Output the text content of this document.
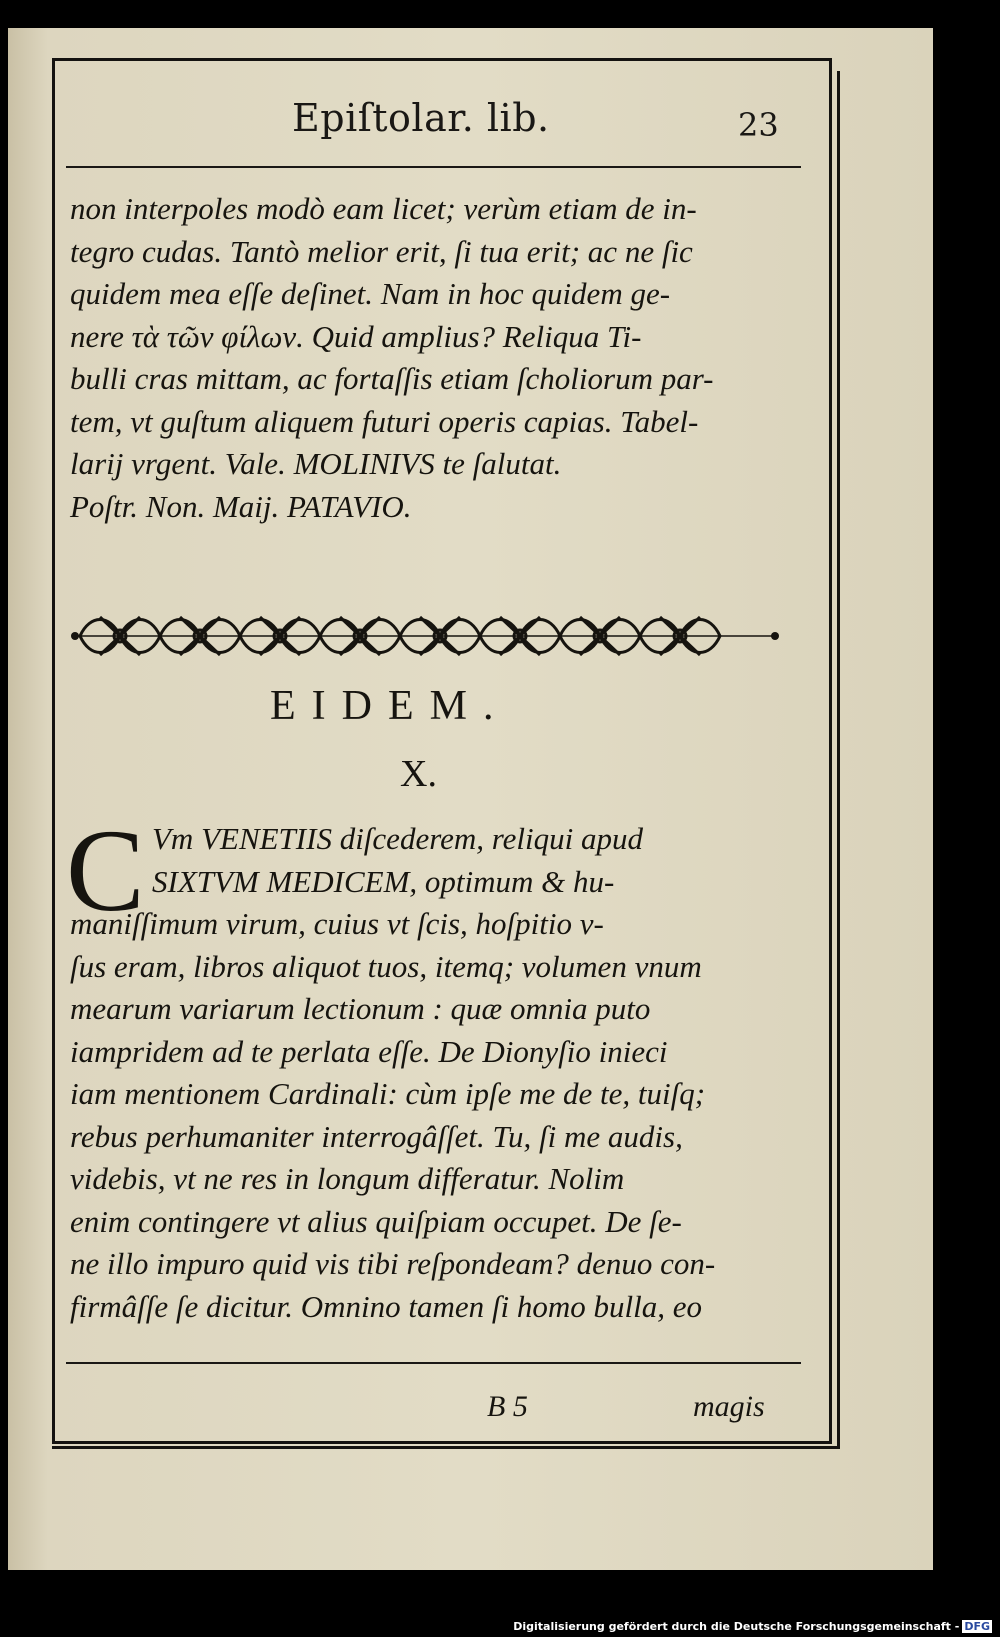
Epiſtolar. lib.	23
non interpoles modò eam licet; verùm etiam de in-
tegro cudas. Tantò melior erit, ſi tua erit; ac ne ſic
quidem mea eſſe deſinet. Nam in hoc quidem ge-
nere τὰ τῶν φίλων. Quid amplius? Reliqua Ti-
bulli cras mittam, ac fortaſſis etiam ſcholiorum par-
tem, vt guſtum aliquem futuri operis capias. Tabel-
larij vrgent. Vale. MOLINIVS te ſalutat.
Poſtr. Non. Maij. PATAVIO.
EIDEM.
X.
C Vm VENETIIS diſcederem, reliqui apud
SIXTVM MEDICEM, optimum & hu-
maniſſimum virum, cuius vt ſcis, hoſpitio v-
ſus eram, libros aliquot tuos, itemq; volumen vnum
mearum variarum lectionum : quæ omnia puto
iampridem ad te perlata eſſe. De Dionyſio inieci
iam mentionem Cardinali: cùm ipſe me de te, tuiſq;
rebus perhumaniter interrogâſſet. Tu, ſi me audis,
videbis, vt ne res in longum differatur. Nolim
enim contingere vt alius quiſpiam occupet. De ſe-
ne illo impuro quid vis tibi reſpondeam? denuo con-
firmâſſe ſe dicitur. Omnino tamen ſi homo bulla, eo
B 5	magis
Digitalisierung gefördert durch die Deutsche Forschungsgemeinschaft - DFG
